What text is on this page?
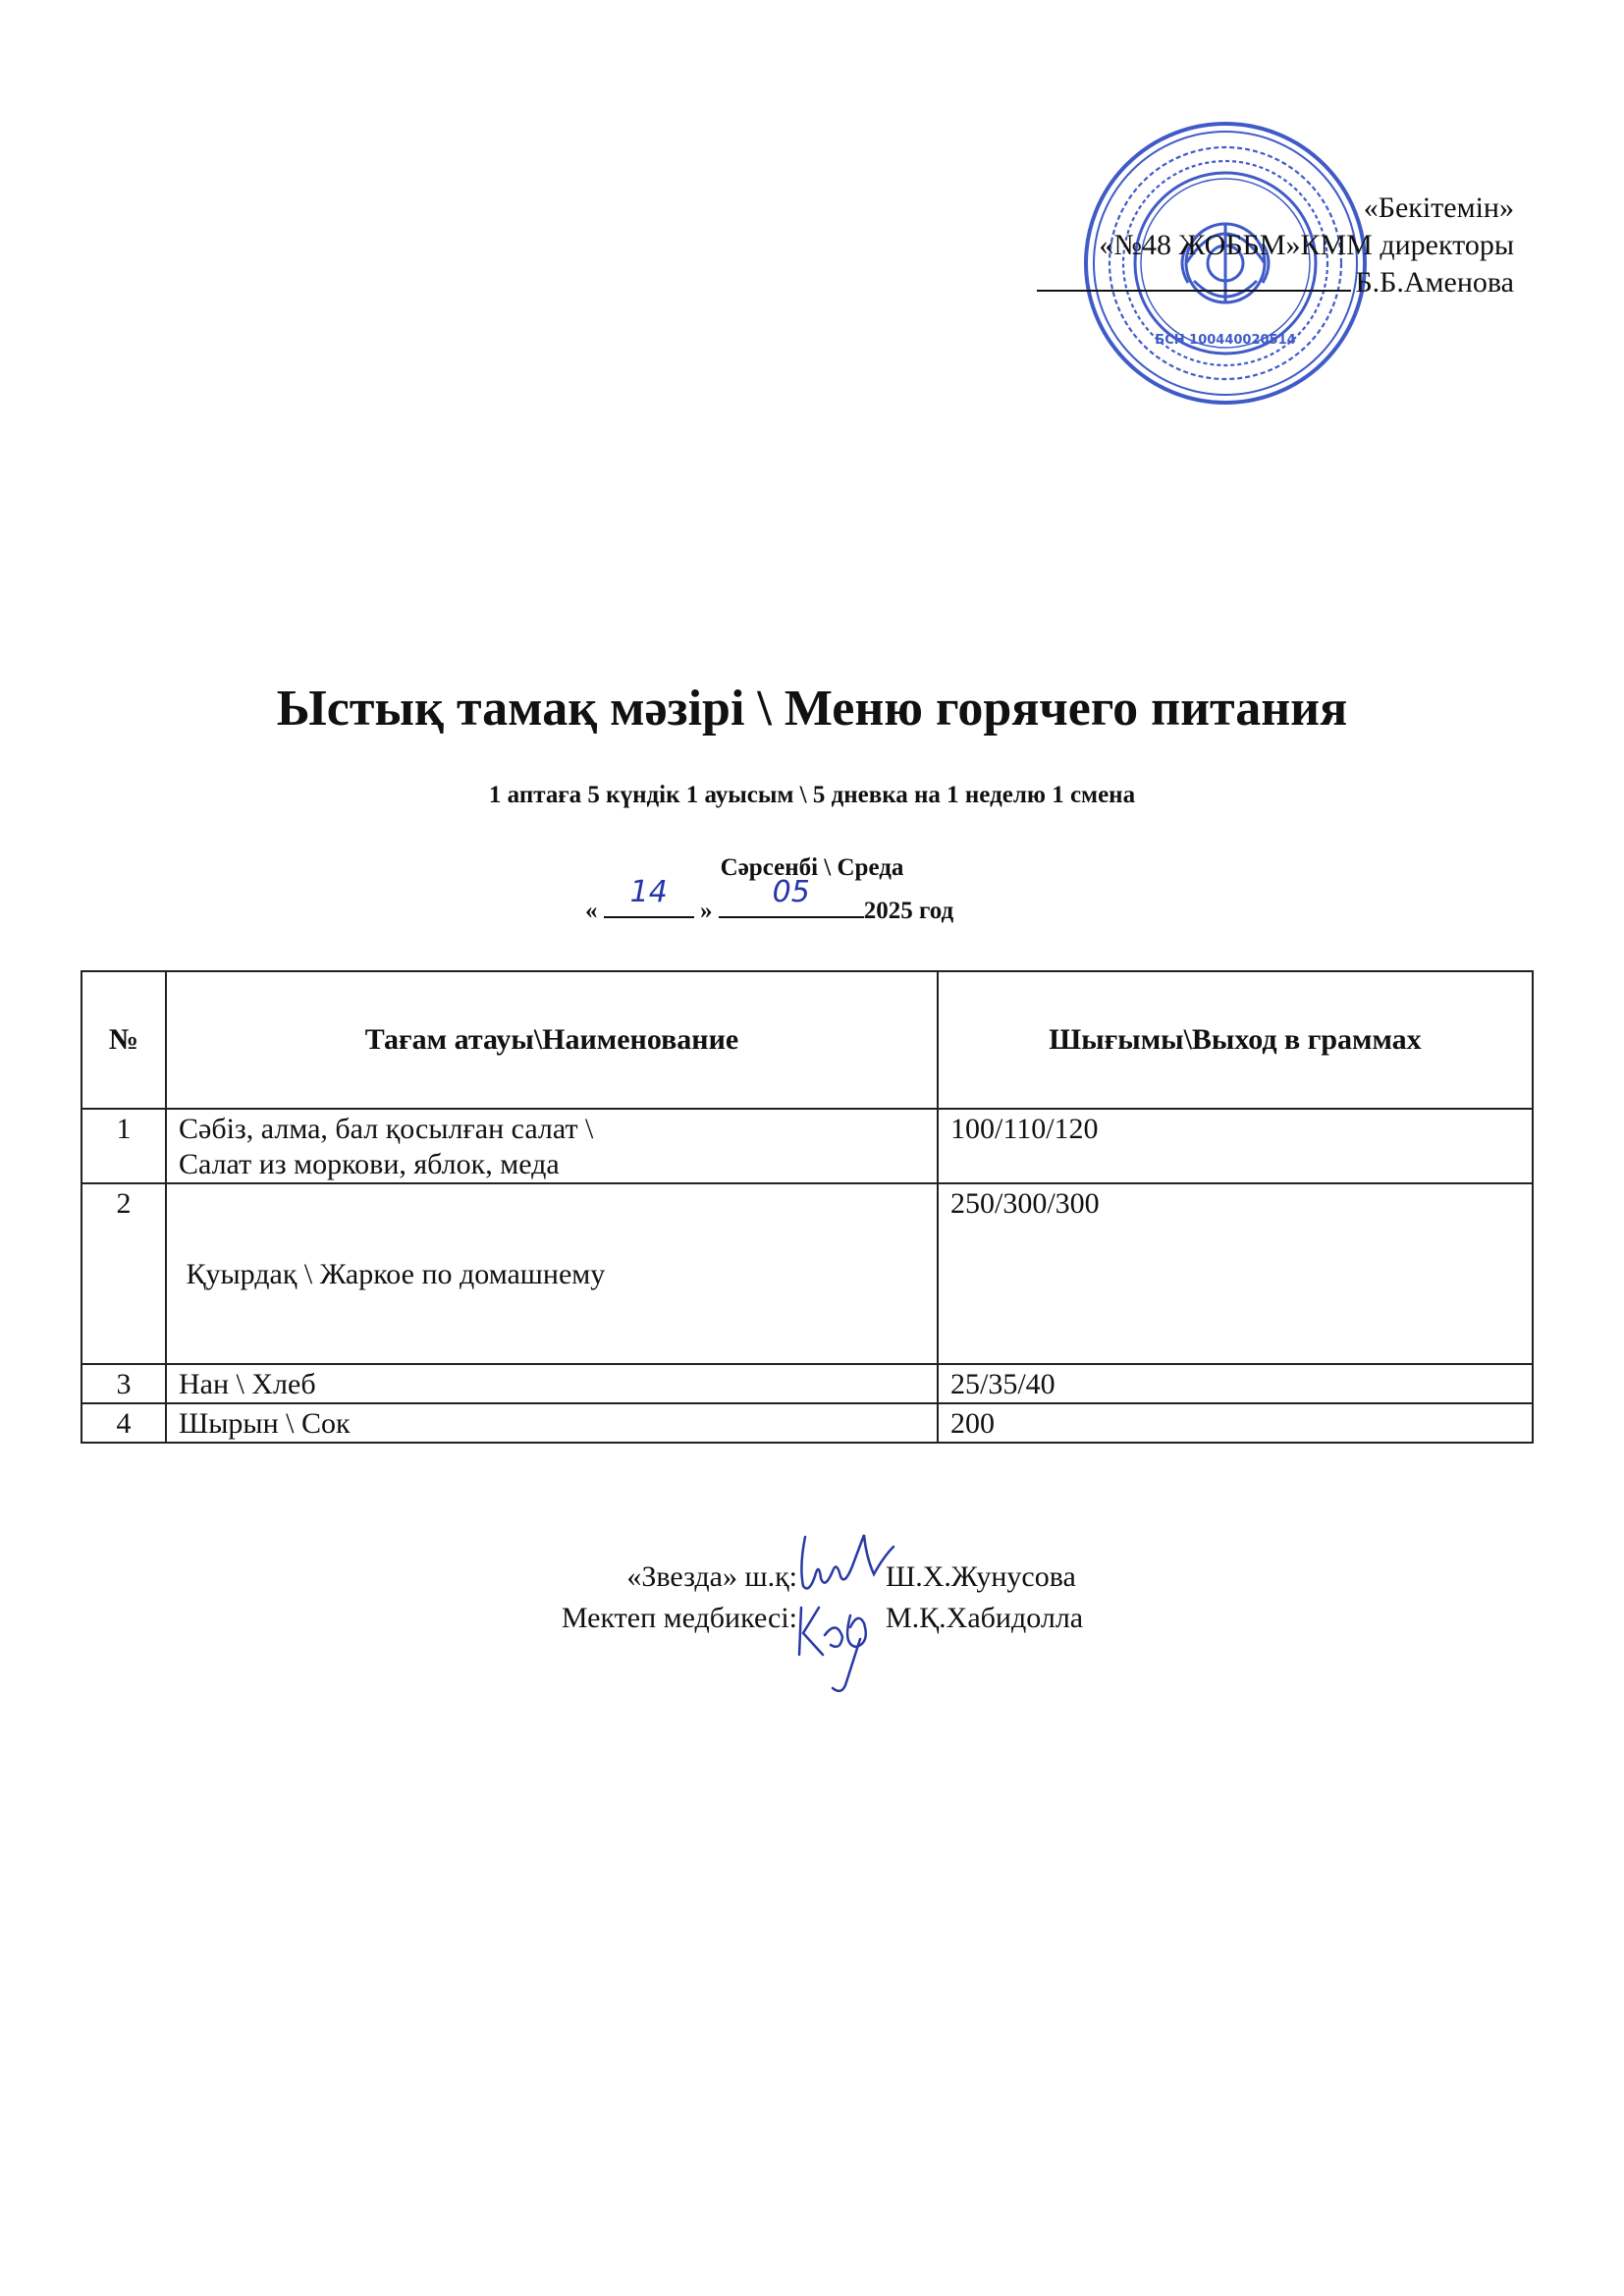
БСН 100440020514
«Бекітемін»
«№48 ЖОББМ»КММ директоры
Б.Б.Аменова
Ыстық тамақ мәзірі \ Меню горячего питания
1 аптаға 5 күндік 1 ауысым \ 5 дневка на 1 неделю 1 смена
Сәрсенбі \ Среда
«
14
»
05
2025 год
№	Тағам атауы\Наименование	Шығымы\Выход в граммах
1	Сәбіз, алма, бал қосылған салат \
Салат из моркови, яблок, меда	100/110/120
2	Қуырдақ \ Жаркое по домашнему	250/300/300
3	Нан \ Хлеб	25/35/40
4	Шырын \ Сок	200
«Звезда» ш.қ:
Мектеп медбикесі:
Ш.Х.Жунусова
М.Қ.Хабидолла
